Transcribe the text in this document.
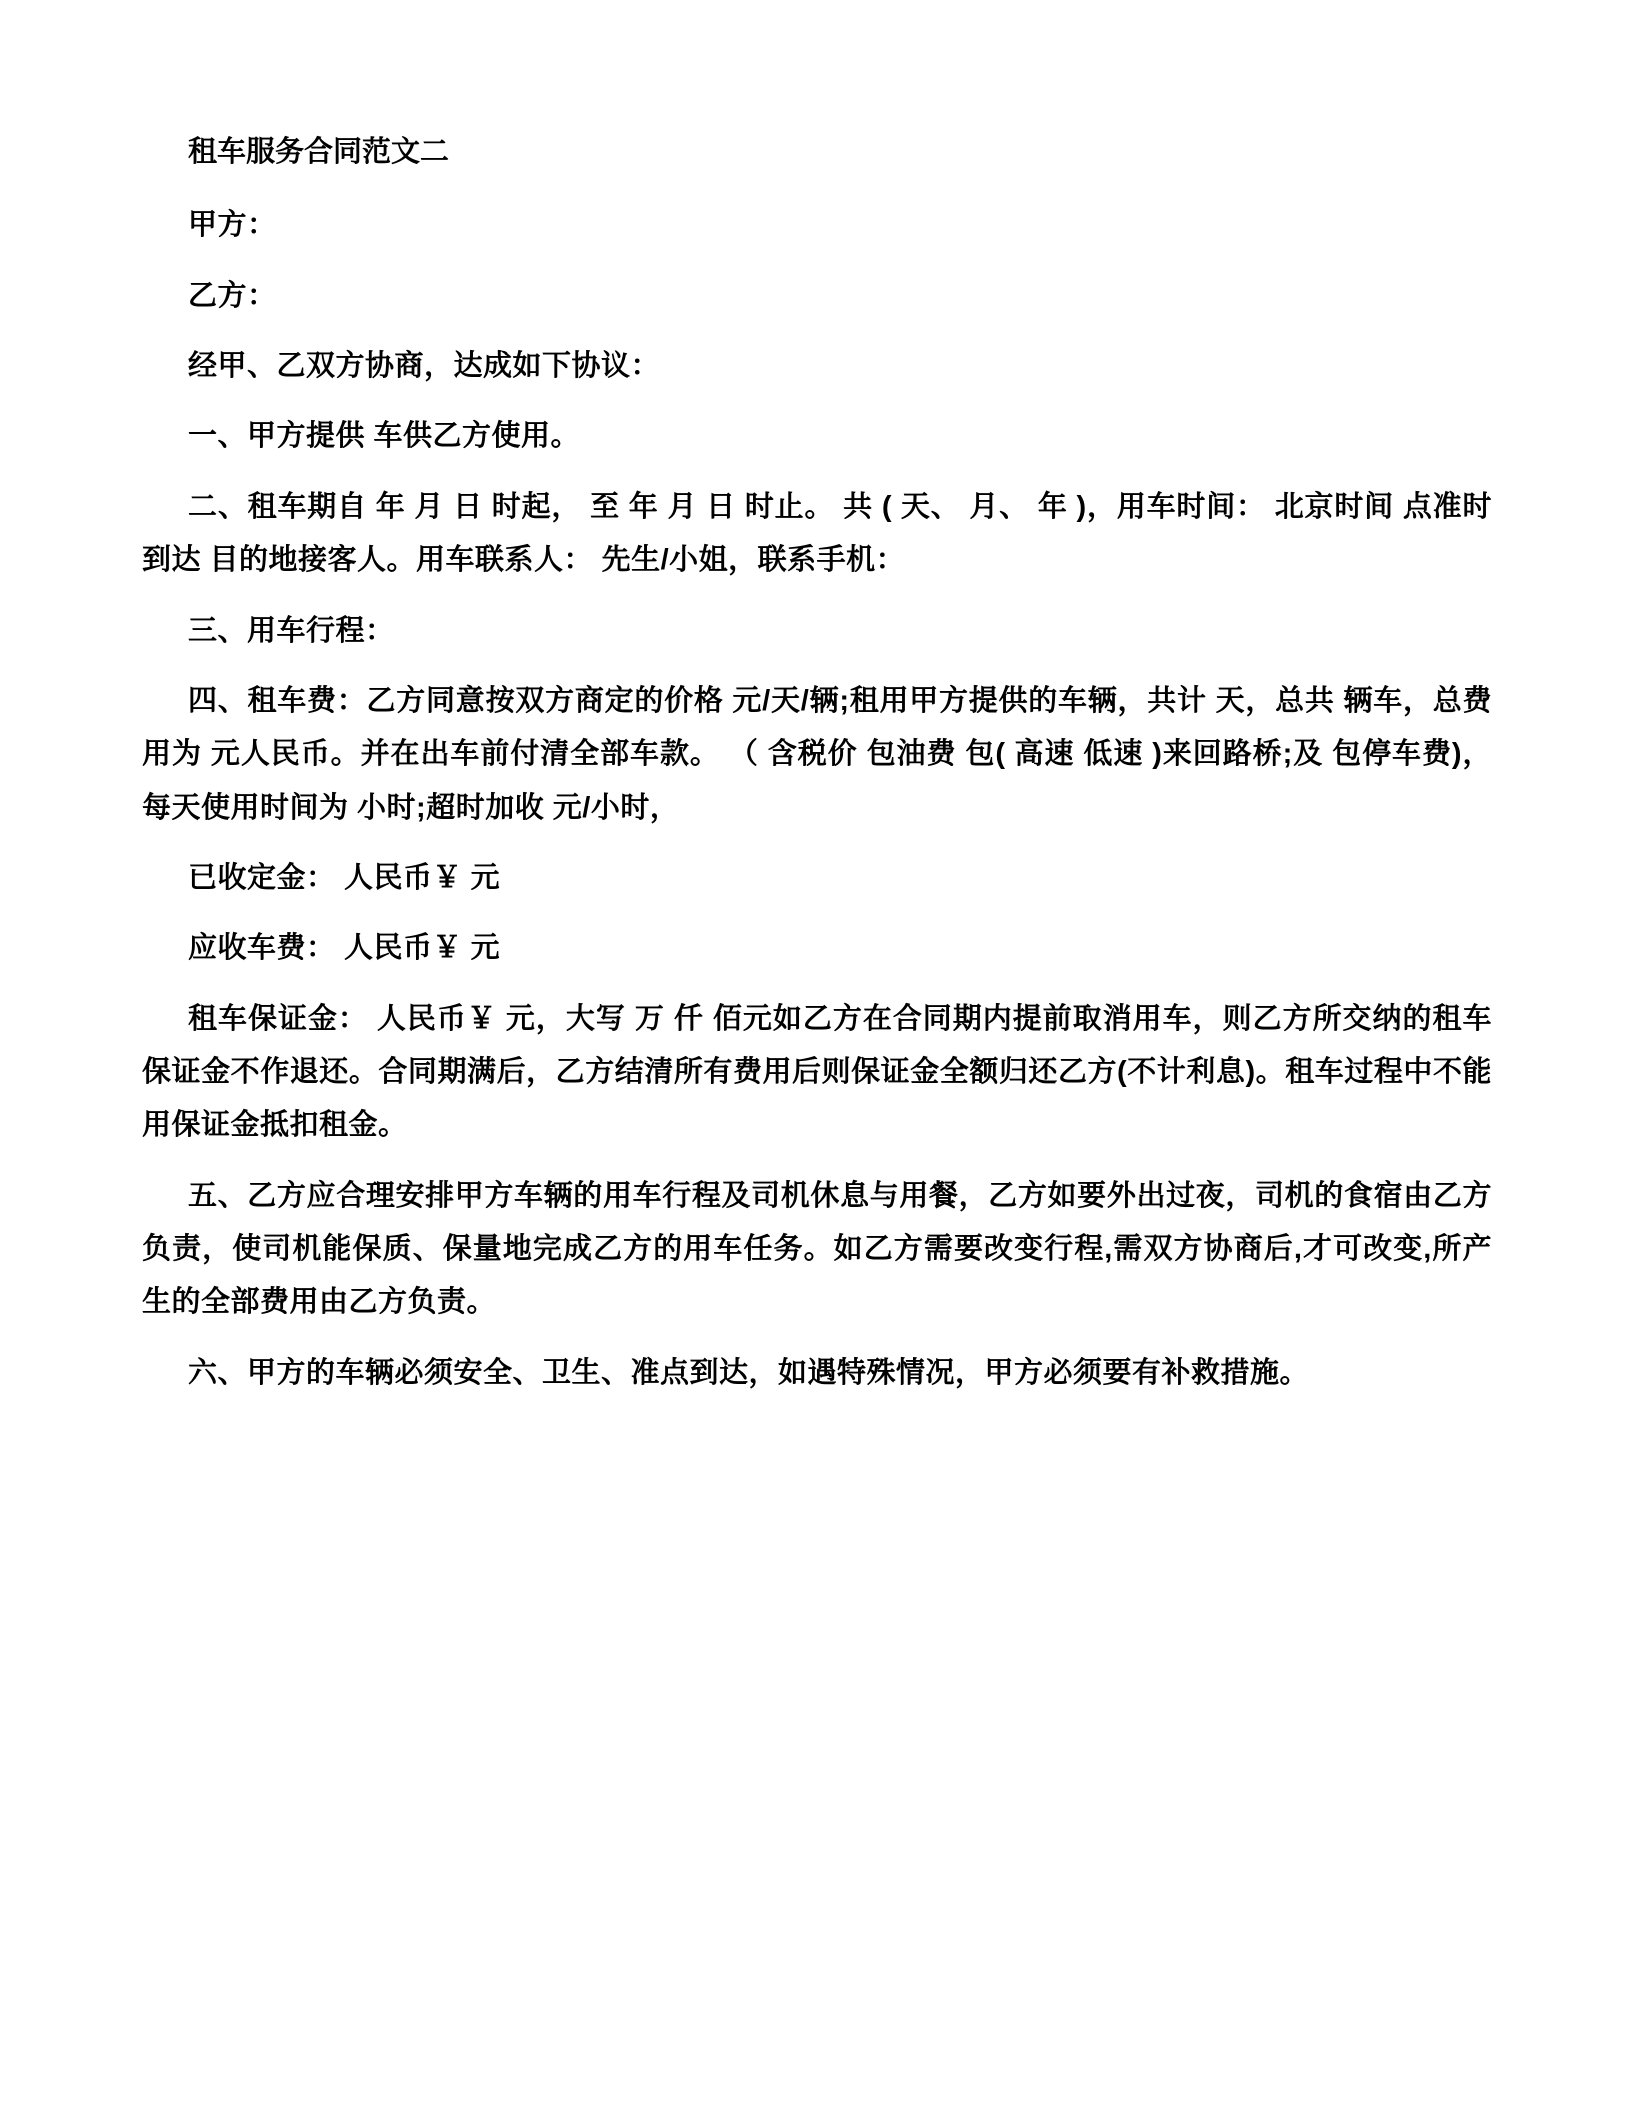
租车服务合同范文二

甲方：

乙方：

经甲、乙双方协商，达成如下协议：

一、甲方提供 车供乙方使用。

二、租车期自 年 月 日 时起， 至 年 月 日 时止。 共 ( 天、 月、 年 )，用车时间： 北京时间 点准时到达 目的地接客人。用车联系人： 先生/小姐，联系手机：

三、用车行程：

四、租车费：乙方同意按双方商定的价格 元/天/辆;租用甲方提供的车辆，共计 天，总共 辆车，总费用为 元人民币。并在出车前付清全部车款。 （ 含税价 包油费 包( 高速 低速 )来回路桥;及 包停车费)，每天使用时间为 小时;超时加收 元/小时，

已收定金： 人民币￥ 元

应收车费： 人民币￥ 元

租车保证金： 人民币￥ 元，大写 万 仟 佰元如乙方在合同期内提前取消用车，则乙方所交纳的租车保证金不作退还。合同期满后，乙方结清所有费用后则保证金全额归还乙方(不计利息)。租车过程中不能用保证金抵扣租金。

五、乙方应合理安排甲方车辆的用车行程及司机休息与用餐，乙方如要外出过夜，司机的食宿由乙方负责，使司机能保质、保量地完成乙方的用车任务。如乙方需要改变行程,需双方协商后,才可改变,所产生的全部费用由乙方负责。

六、甲方的车辆必须安全、卫生、准点到达，如遇特殊情况，甲方必须要有补救措施。
